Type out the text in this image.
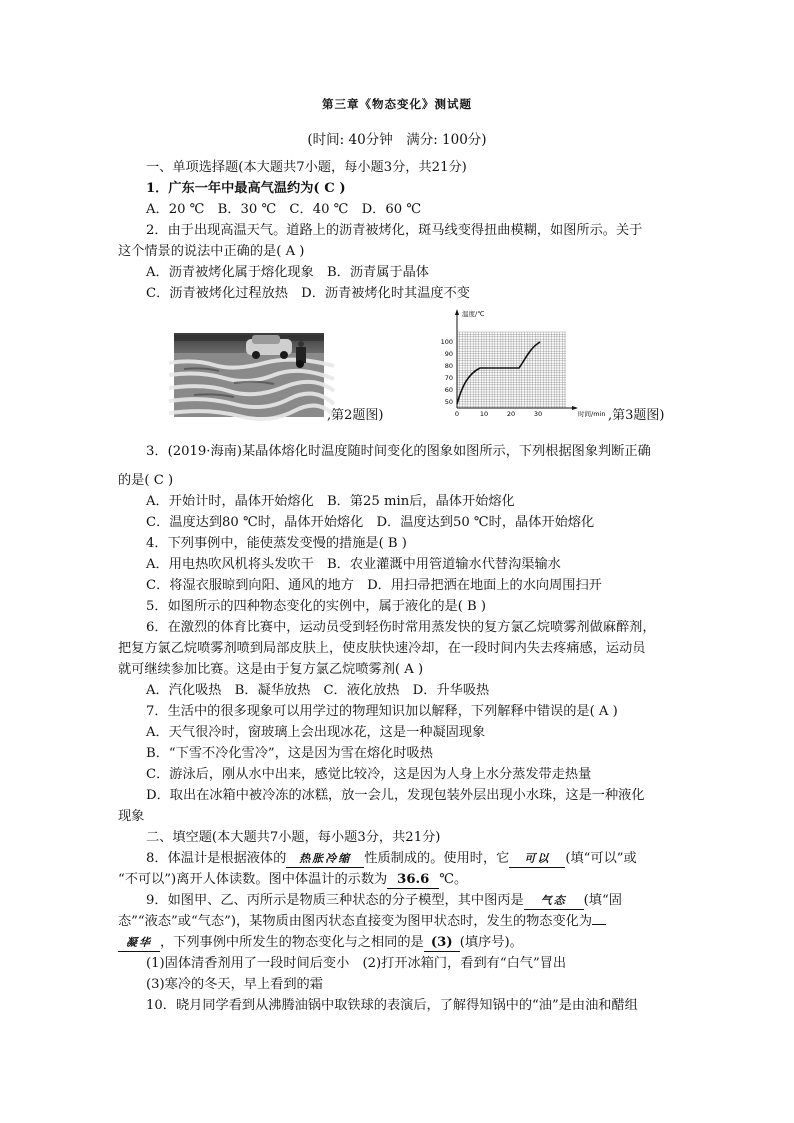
第三章《物态变化》测试题
(时间: 40分钟　满分: 100分)
一、单项选择题(本大题共7小题，每小题3分，共21分)
1．广东一年中最高气温约为( C )
A．20 ℃　B．30 ℃　C．40 ℃　D．60 ℃
2．由于出现高温天气。道路上的沥青被烤化，斑马线变得扭曲模糊，如图所示。关于
这个情景的说法中正确的是( A )
A．沥青被烤化属于熔化现象　B．沥青属于晶体
C．沥青被烤化过程放热　D．沥青被烤化时其温度不变
,第2题图)
温度/℃
时间/min
100
90
80
70
60
50
0	10	20	30	,第3题图)
3．(2019·海南)某晶体熔化时温度随时间变化的图象如图所示，下列根据图象判断正确
的是( C )
A．开始计时，晶体开始熔化　B．第25 min后，晶体开始熔化
C．温度达到80 ℃时，晶体开始熔化　D．温度达到50 ℃时，晶体开始熔化
4．下列事例中，能使蒸发变慢的措施是( B )
A．用电热吹风机将头发吹干　B．农业灌溉中用管道输水代替沟渠输水
C．将湿衣服晾到向阳、通风的地方　D．用扫帚把洒在地面上的水向周围扫开
5．如图所示的四种物态变化的实例中，属于液化的是( B )
6．在激烈的体育比赛中，运动员受到轻伤时常用蒸发快的复方氯乙烷喷雾剂做麻醉剂，
把复方氯乙烷喷雾剂喷到局部皮肤上，使皮肤快速冷却，在一段时间内失去疼痛感，运动员
就可继续参加比赛。这是由于复方氯乙烷喷雾剂( A )
A．汽化吸热　B．凝华放热　C．液化放热　D．升华吸热
7．生活中的很多现象可以用学过的物理知识加以解释，下列解释中错误的是( A )
A．天气很冷时，窗玻璃上会出现冰花，这是一种凝固现象
B．“下雪不冷化雪冷”，这是因为雪在熔化时吸热
C．游泳后，刚从水中出来，感觉比较冷，这是因为人身上水分蒸发带走热量
D．取出在冰箱中被冷冻的冰糕，放一会儿，发现包装外层出现小水珠，这是一种液化
现象
二、填空题(本大题共7小题，每小题3分，共21分)
8．体温计是根据液体的 热胀冷缩 性质制成的。使用时，它 可以 (填“可以”或
“不可以”)离开人体读数。图中体温计的示数为 36.6 ℃。
9．如图甲、乙、丙所示是物质三种状态的分子模型，其中图丙是 气态 (填“固
态”“液态”或“气态”)，某物质由图丙状态直接变为图甲状态时，发生的物态变化为
凝华 ，下列事例中所发生的物态变化与之相同的是 (3) (填序号)。
(1)固体清香剂用了一段时间后变小　(2)打开冰箱门，看到有“白气”冒出
(3)寒冷的冬天，早上看到的霜
10．晓月同学看到从沸腾油锅中取铁球的表演后，了解得知锅中的“油”是由油和醋组
